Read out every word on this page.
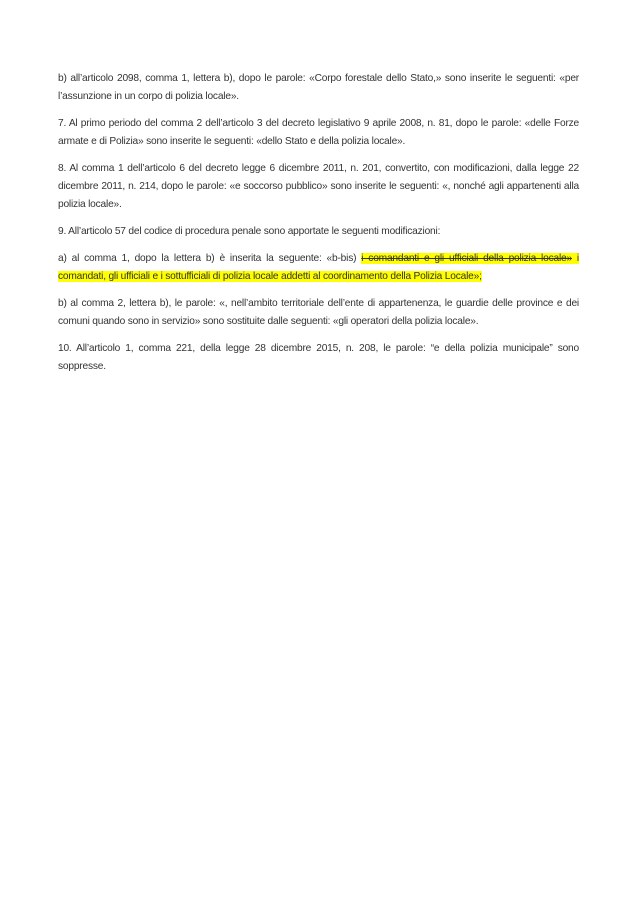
b) all’articolo 2098, comma 1, lettera b), dopo le parole: «Corpo forestale dello Stato,» sono inserite le seguenti: «per l’assunzione in un corpo di polizia locale».

7. Al primo periodo del comma 2 dell’articolo 3 del decreto legislativo 9 aprile 2008, n. 81, dopo le parole: «delle Forze armate e di Polizia» sono inserite le seguenti: «dello Stato e della polizia locale».

8. Al comma 1 dell’articolo 6 del decreto legge 6 dicembre 2011, n. 201, convertito, con modificazioni, dalla legge 22 dicembre 2011, n. 214, dopo le parole: «e soccorso pubblico» sono inserite le seguenti: «, nonché agli appartenenti alla polizia locale».

9. All’articolo 57 del codice di procedura penale sono apportate le seguenti modificazioni:

a) al comma 1, dopo la lettera b) è inserita la seguente: «b-bis) i comandanti e gli ufficiali della polizia locale» i comandati, gli ufficiali e i sottufficiali di polizia locale addetti al coordinamento della Polizia Locale»;

b) al comma 2, lettera b), le parole: «, nell’ambito territoriale dell’ente di appartenenza, le guardie delle province e dei comuni quando sono in servizio» sono sostituite dalle seguenti: «gli operatori della polizia locale».

10. All’articolo 1, comma 221, della legge 28 dicembre 2015, n. 208, le parole: “e della polizia municipale” sono soppresse.
